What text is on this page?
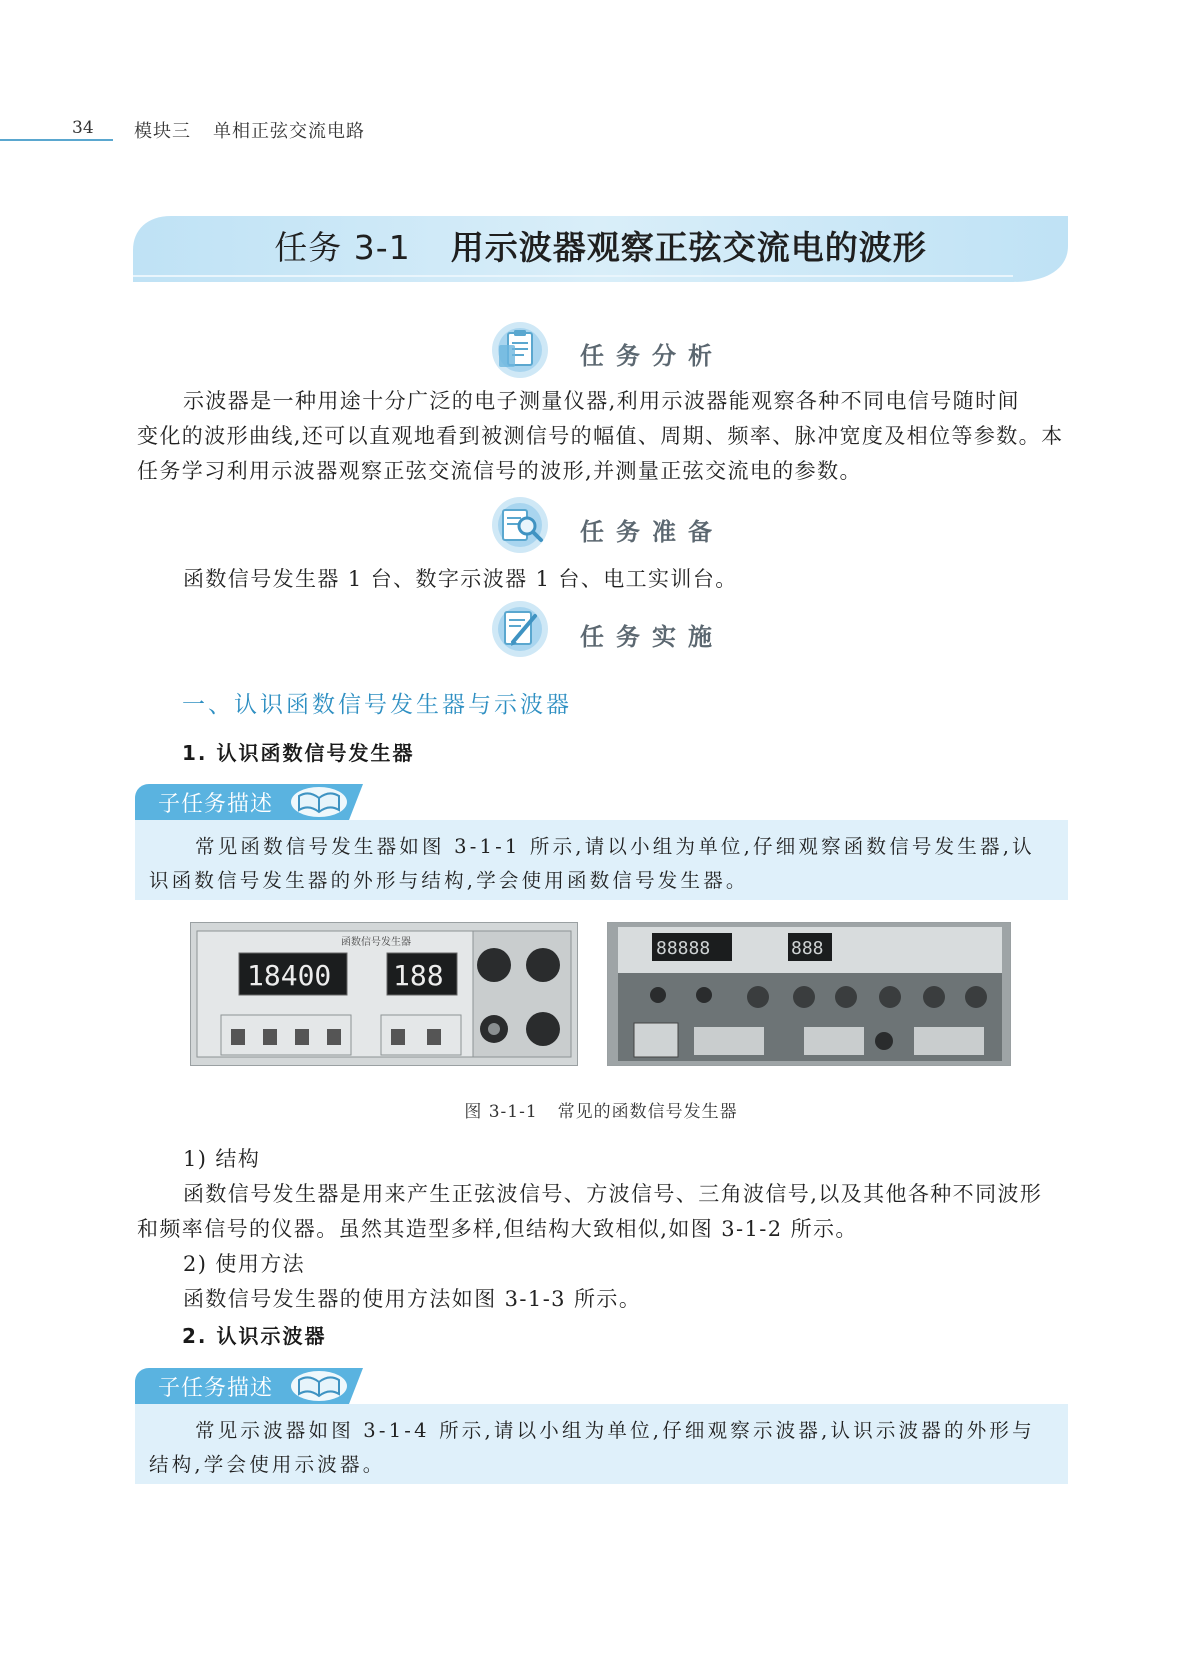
34 模块三 单相正弦交流电路
任务 3-1 用示波器观察正弦交流电的波形
任务分析
示波器是一种用途十分广泛的电子测量仪器,利用示波器能观察各种不同电信号随时间
变化的波形曲线,还可以直观地看到被测信号的幅值、周期、频率、脉冲宽度及相位等参数。本
任务学习利用示波器观察正弦交流信号的波形,并测量正弦交流电的参数。
任务准备
函数信号发生器 1 台、数字示波器 1 台、电工实训台。
任务实施
一、认识函数信号发生器与示波器
1. 认识函数信号发生器
子任务描述
常见函数信号发生器如图 3-1-1 所示,请以小组为单位,仔细观察函数信号发生器,认
识函数信号发生器的外形与结构,学会使用函数信号发生器。
函数信号发生器
18400 188
88888	888
图 3-1-1 常见的函数信号发生器
1) 结构
函数信号发生器是用来产生正弦波信号、方波信号、三角波信号,以及其他各种不同波形
和频率信号的仪器。虽然其造型多样,但结构大致相似,如图 3-1-2 所示。
2) 使用方法
函数信号发生器的使用方法如图 3-1-3 所示。
2. 认识示波器
子任务描述
常见示波器如图 3-1-4 所示,请以小组为单位,仔细观察示波器,认识示波器的外形与
结构,学会使用示波器。
